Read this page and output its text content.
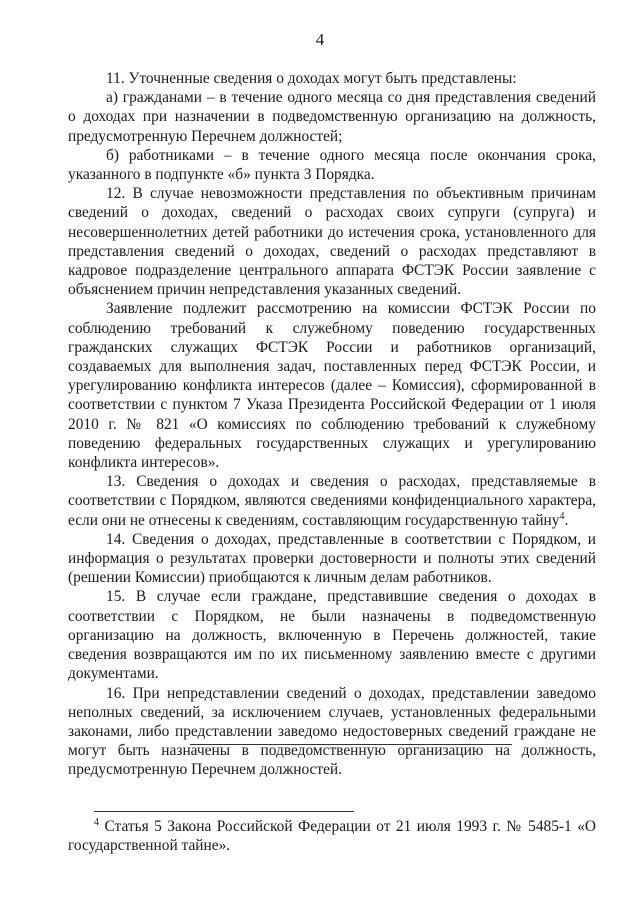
4

11. Уточненные сведения о доходах могут быть представлены:

а) гражданами – в течение одного месяца со дня представления сведений о доходах при назначении в подведомственную организацию на должность, предусмотренную Перечнем должностей;

б) работниками – в течение одного месяца после окончания срока, указанного в подпункте «б» пункта 3 Порядка.

12. В случае невозможности представления по объективным причинам сведений о доходах, сведений о расходах своих супруги (супруга) и несовершеннолетних детей работники до истечения срока, установленного для представления сведений о доходах, сведений о расходах представляют в кадровое подразделение центрального аппарата ФСТЭК России заявление с объяснением причин непредставления указанных сведений.

Заявление подлежит рассмотрению на комиссии ФСТЭК России по соблюдению требований к служебному поведению государственных гражданских служащих ФСТЭК России и работников организаций, создаваемых для выполнения задач, поставленных перед ФСТЭК России, и урегулированию конфликта интересов (далее – Комиссия), сформированной в соответствии с пунктом 7 Указа Президента Российской Федерации от 1 июля 2010 г. № 821 «О комиссиях по соблюдению требований к служебному поведению федеральных государственных служащих и урегулированию конфликта интересов».

13. Сведения о доходах и сведения о расходах, представляемые в соответствии с Порядком, являются сведениями конфиденциального характера, если они не отнесены к сведениям, составляющим государственную тайну$^4$.

14. Сведения о доходах, представленные в соответствии с Порядком, и информация о результатах проверки достоверности и полноты этих сведений (решении Комиссии) приобщаются к личным делам работников.

15. В случае если граждане, представившие сведения о доходах в соответствии с Порядком, не были назначены в подведомственную организацию на должность, включенную в Перечень должностей, такие сведения возвращаются им по их письменному заявлению вместе с другими документами.

16. При непредставлении сведений о доходах, представлении заведомо неполных сведений, за исключением случаев, установленных федеральными законами, либо представлении заведомо недостоверных сведений граждане не могут быть назначены в подведомственную организацию на должность, предусмотренную Перечнем должностей.

$^4$ Статья 5 Закона Российской Федерации от 21 июля 1993 г. № 5485-1 «О государственной тайне».
